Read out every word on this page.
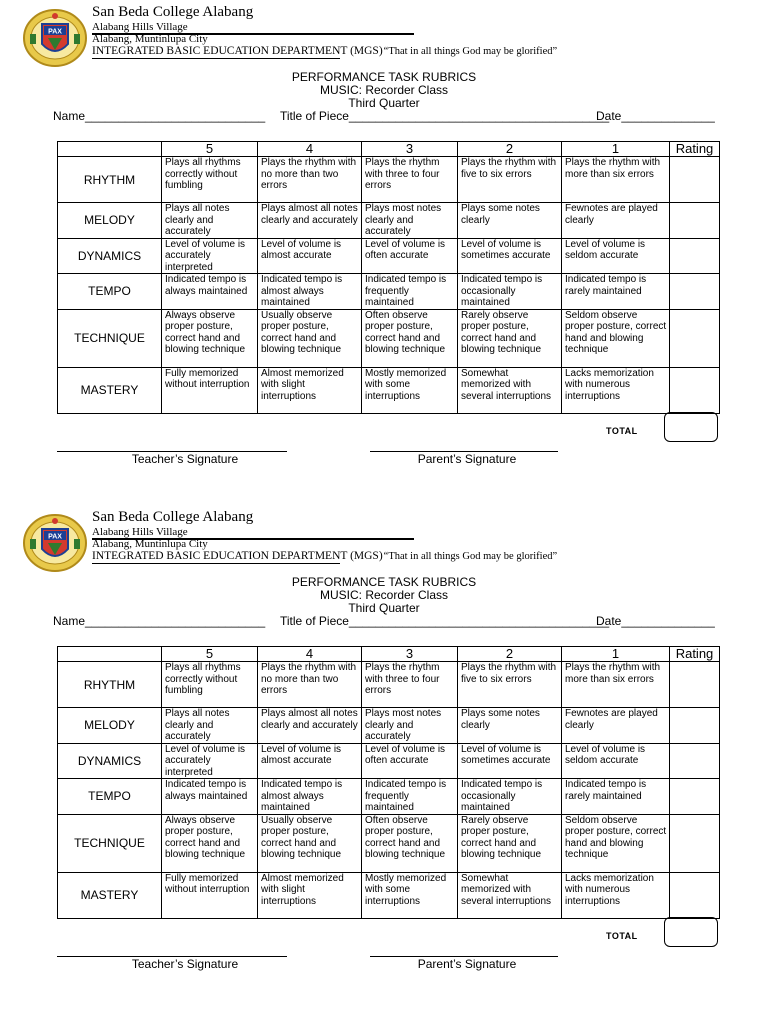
PAX
San Beda College Alabang
Alabang Hills Village
Alabang, Muntinlupa City
INTEGRATED BASIC EDUCATION DEPARTMENT (MGS)“That in all things God may be glorified”
PERFORMANCE TASK RUBRICS
MUSIC: Recorder Class
Third Quarter
Name___________________________ Title of Piece_______________________________________
Date______________
	5	4	3	2	1	Rating
RHYTHM	Plays all rhythms correctly without fumbling	Plays the rhythm with no more than two errors	Plays the rhythm with three to four errors	Plays the rhythm with five to six errors	Plays the rhythm with more than six errors	
MELODY	Plays all notes clearly and accurately	Plays almost all notes clearly and accurately	Plays most notes clearly and accurately	Plays some notes clearly	Fewnotes are played clearly	
DYNAMICS	Level of volume is accurately interpreted	Level of volume is almost accurate	Level of volume is often accurate	Level of volume is sometimes accurate	Level of volume is seldom accurate	
TEMPO	Indicated tempo is always maintained	Indicated tempo is almost always maintained	Indicated tempo is frequently maintained	Indicated tempo is occasionally maintained	Indicated tempo is rarely maintained	
TECHNIQUE	Always observe proper posture, correct hand and blowing technique	Usually observe proper posture, correct hand and blowing technique	Often observe proper posture, correct hand and blowing technique	Rarely observe proper posture, correct hand and blowing technique	Seldom observe proper posture, correct hand and blowing technique	
MASTERY	Fully memorized without interruption	Almost memorized with slight interruptions	Mostly memorized with some interruptions	Somewhat memorized with several interruptions	Lacks memorization with numerous interruptions	
TOTAL
Teacher’s Signature	Parent’s Signature
PAX
San Beda College Alabang
Alabang Hills Village
Alabang, Muntinlupa City
INTEGRATED BASIC EDUCATION DEPARTMENT (MGS)“That in all things God may be glorified”
PERFORMANCE TASK RUBRICS
MUSIC: Recorder Class
Third Quarter
Name___________________________ Title of Piece_______________________________________
Date______________
	5	4	3	2	1	Rating
RHYTHM	Plays all rhythms correctly without fumbling	Plays the rhythm with no more than two errors	Plays the rhythm with three to four errors	Plays the rhythm with five to six errors	Plays the rhythm with more than six errors	
MELODY	Plays all notes clearly and accurately	Plays almost all notes clearly and accurately	Plays most notes clearly and accurately	Plays some notes clearly	Fewnotes are played clearly	
DYNAMICS	Level of volume is accurately interpreted	Level of volume is almost accurate	Level of volume is often accurate	Level of volume is sometimes accurate	Level of volume is seldom accurate	
TEMPO	Indicated tempo is always maintained	Indicated tempo is almost always maintained	Indicated tempo is frequently maintained	Indicated tempo is occasionally maintained	Indicated tempo is rarely maintained	
TECHNIQUE	Always observe proper posture, correct hand and blowing technique	Usually observe proper posture, correct hand and blowing technique	Often observe proper posture, correct hand and blowing technique	Rarely observe proper posture, correct hand and blowing technique	Seldom observe proper posture, correct hand and blowing technique	
MASTERY	Fully memorized without interruption	Almost memorized with slight interruptions	Mostly memorized with some interruptions	Somewhat memorized with several interruptions	Lacks memorization with numerous interruptions	
TOTAL
Teacher’s Signature	Parent’s Signature
